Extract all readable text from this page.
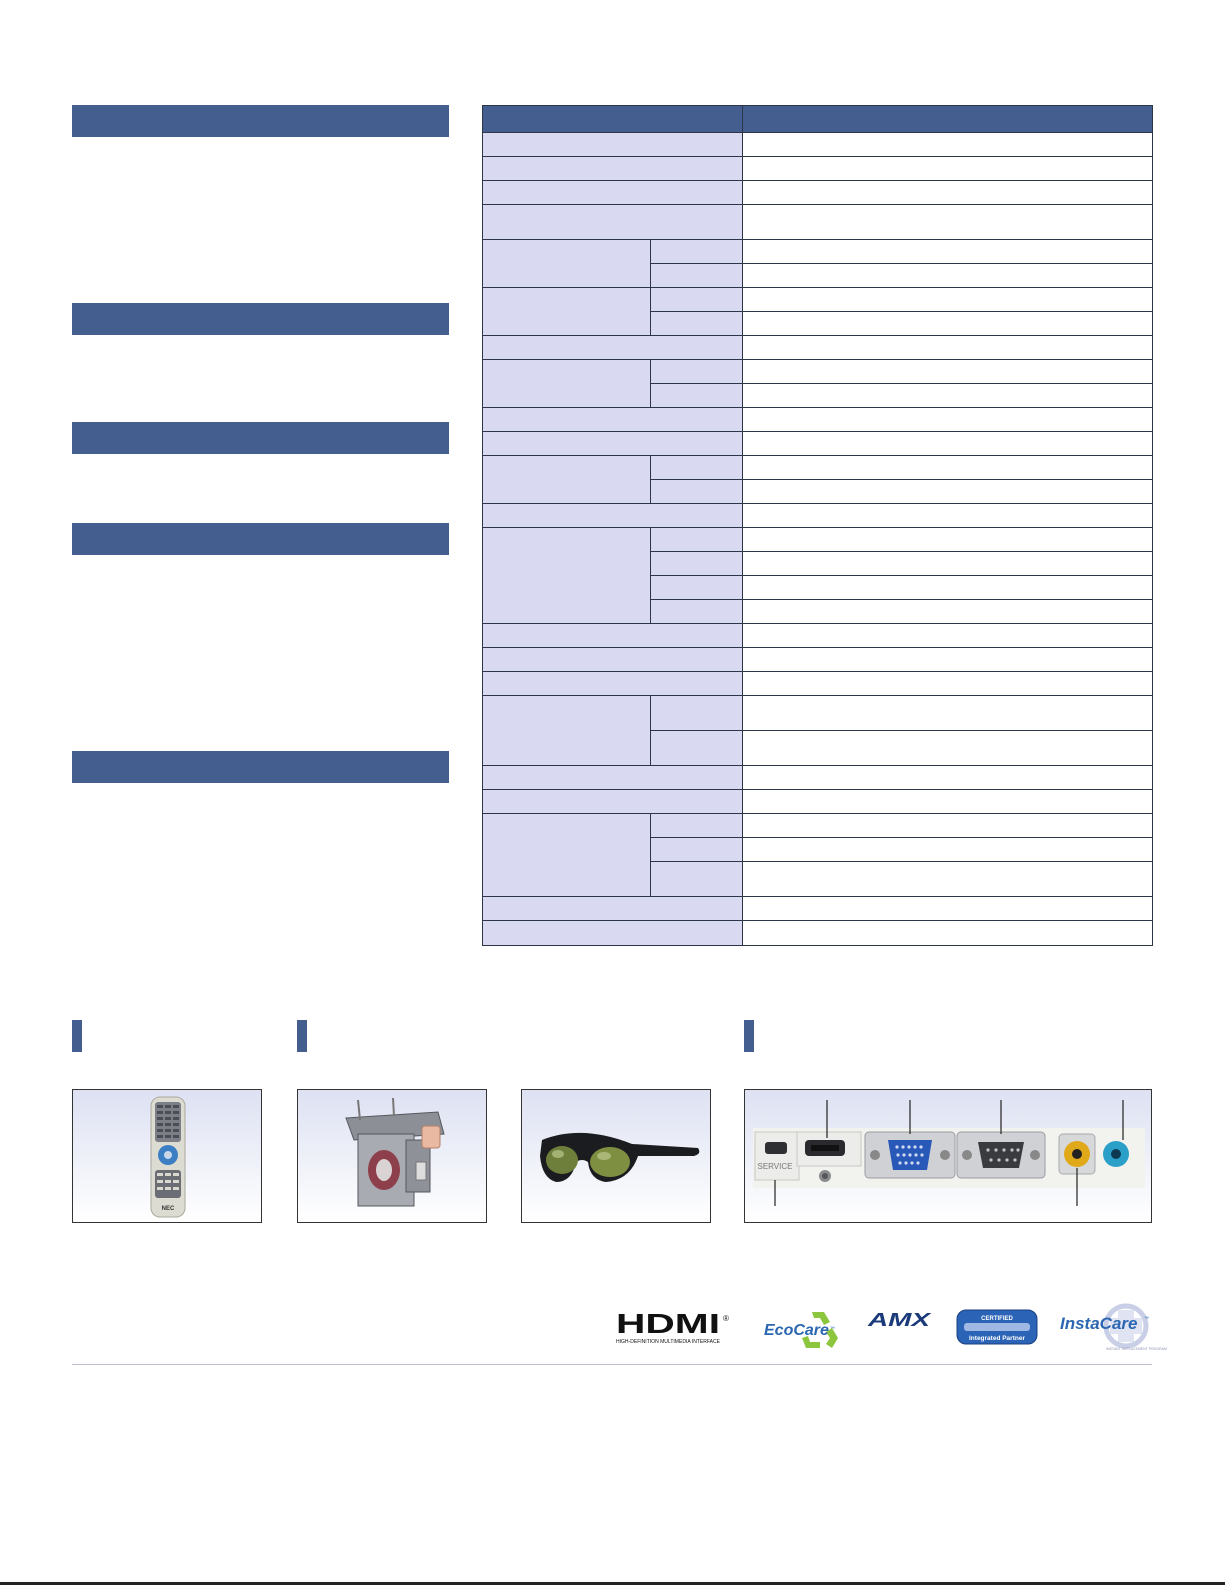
NEC
SERVICE
HDMI ®
HIGH-DEFINITION MULTIMEDIA INTERFACE
EcoCare ™ AMX	CERTIFIED
Integrated Partner
InstaCare ™
INSTANT REPLACEMENT PROGRAM
